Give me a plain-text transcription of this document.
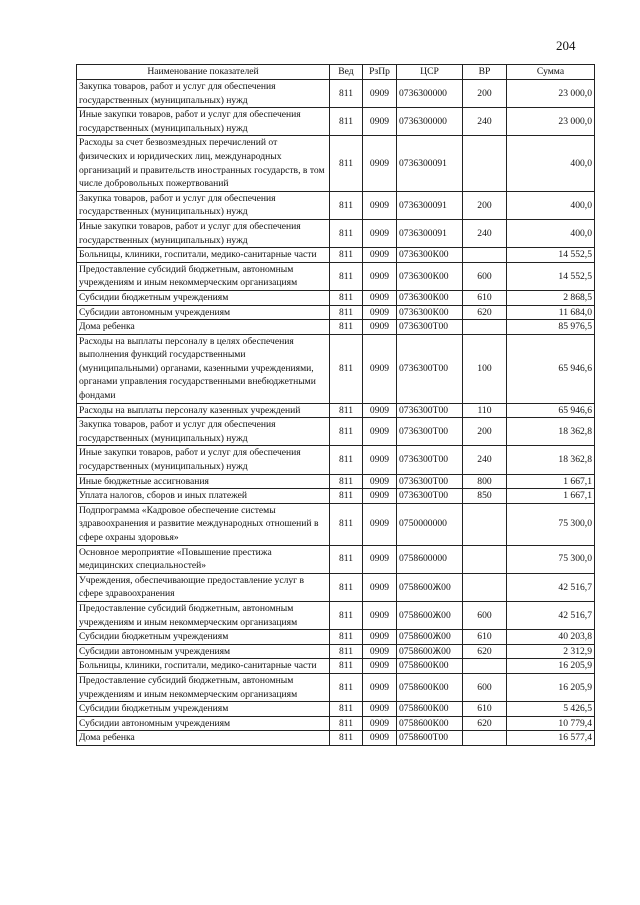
204
Наименование показателей	Вед	РзПр	ЦСР	ВР	Сумма
Закупка товаров, работ и услуг для обеспечения государственных (муниципальных) нужд	811	0909	0736300000	200	23 000,0
Иные закупки товаров, работ и услуг для обеспечения государственных (муниципальных) нужд	811	0909	0736300000	240	23 000,0
Расходы за счет безвозмездных перечислений от физических и юридических лиц, международных организаций и правительств иностранных государств, в том числе добровольных пожертвований	811	0909	0736300091		400,0
Закупка товаров, работ и услуг для обеспечения государственных (муниципальных) нужд	811	0909	0736300091	200	400,0
Иные закупки товаров, работ и услуг для обеспечения государственных (муниципальных) нужд	811	0909	0736300091	240	400,0
Больницы, клиники, госпитали, медико-санитарные части	811	0909	0736300К00		14 552,5
Предоставление субсидий бюджетным, автономным учреждениям и иным некоммерческим организациям	811	0909	0736300К00	600	14 552,5
Субсидии бюджетным учреждениям	811	0909	0736300К00	610	2 868,5
Субсидии автономным учреждениям	811	0909	0736300К00	620	11 684,0
Дома ребенка	811	0909	0736300Т00		85 976,5
Расходы на выплаты персоналу в целях обеспечения выполнения функций государственными (муниципальными) органами, казенными учреждениями, органами управления государственными внебюджетными фондами	811	0909	0736300Т00	100	65 946,6
Расходы на выплаты персоналу казенных учреждений	811	0909	0736300Т00	110	65 946,6
Закупка товаров, работ и услуг для обеспечения государственных (муниципальных) нужд	811	0909	0736300Т00	200	18 362,8
Иные закупки товаров, работ и услуг для обеспечения государственных (муниципальных) нужд	811	0909	0736300Т00	240	18 362,8
Иные бюджетные ассигнования	811	0909	0736300Т00	800	1 667,1
Уплата налогов, сборов и иных платежей	811	0909	0736300Т00	850	1 667,1
Подпрограмма «Кадровое обеспечение системы здравоохранения и развитие международных отношений в сфере охраны здоровья»	811	0909	0750000000		75 300,0
Основное мероприятие «Повышение престижа медицинских специальностей»	811	0909	0758600000		75 300,0
Учреждения, обеспечивающие предоставление услуг в сфере здравоохранения	811	0909	0758600Ж00		42 516,7
Предоставление субсидий бюджетным, автономным учреждениям и иным некоммерческим организациям	811	0909	0758600Ж00	600	42 516,7
Субсидии бюджетным учреждениям	811	0909	0758600Ж00	610	40 203,8
Субсидии автономным учреждениям	811	0909	0758600Ж00	620	2 312,9
Больницы, клиники, госпитали, медико-санитарные части	811	0909	0758600К00		16 205,9
Предоставление субсидий бюджетным, автономным учреждениям и иным некоммерческим организациям	811	0909	0758600К00	600	16 205,9
Субсидии бюджетным учреждениям	811	0909	0758600К00	610	5 426,5
Субсидии автономным учреждениям	811	0909	0758600К00	620	10 779,4
Дома ребенка	811	0909	0758600Т00		16 577,4
